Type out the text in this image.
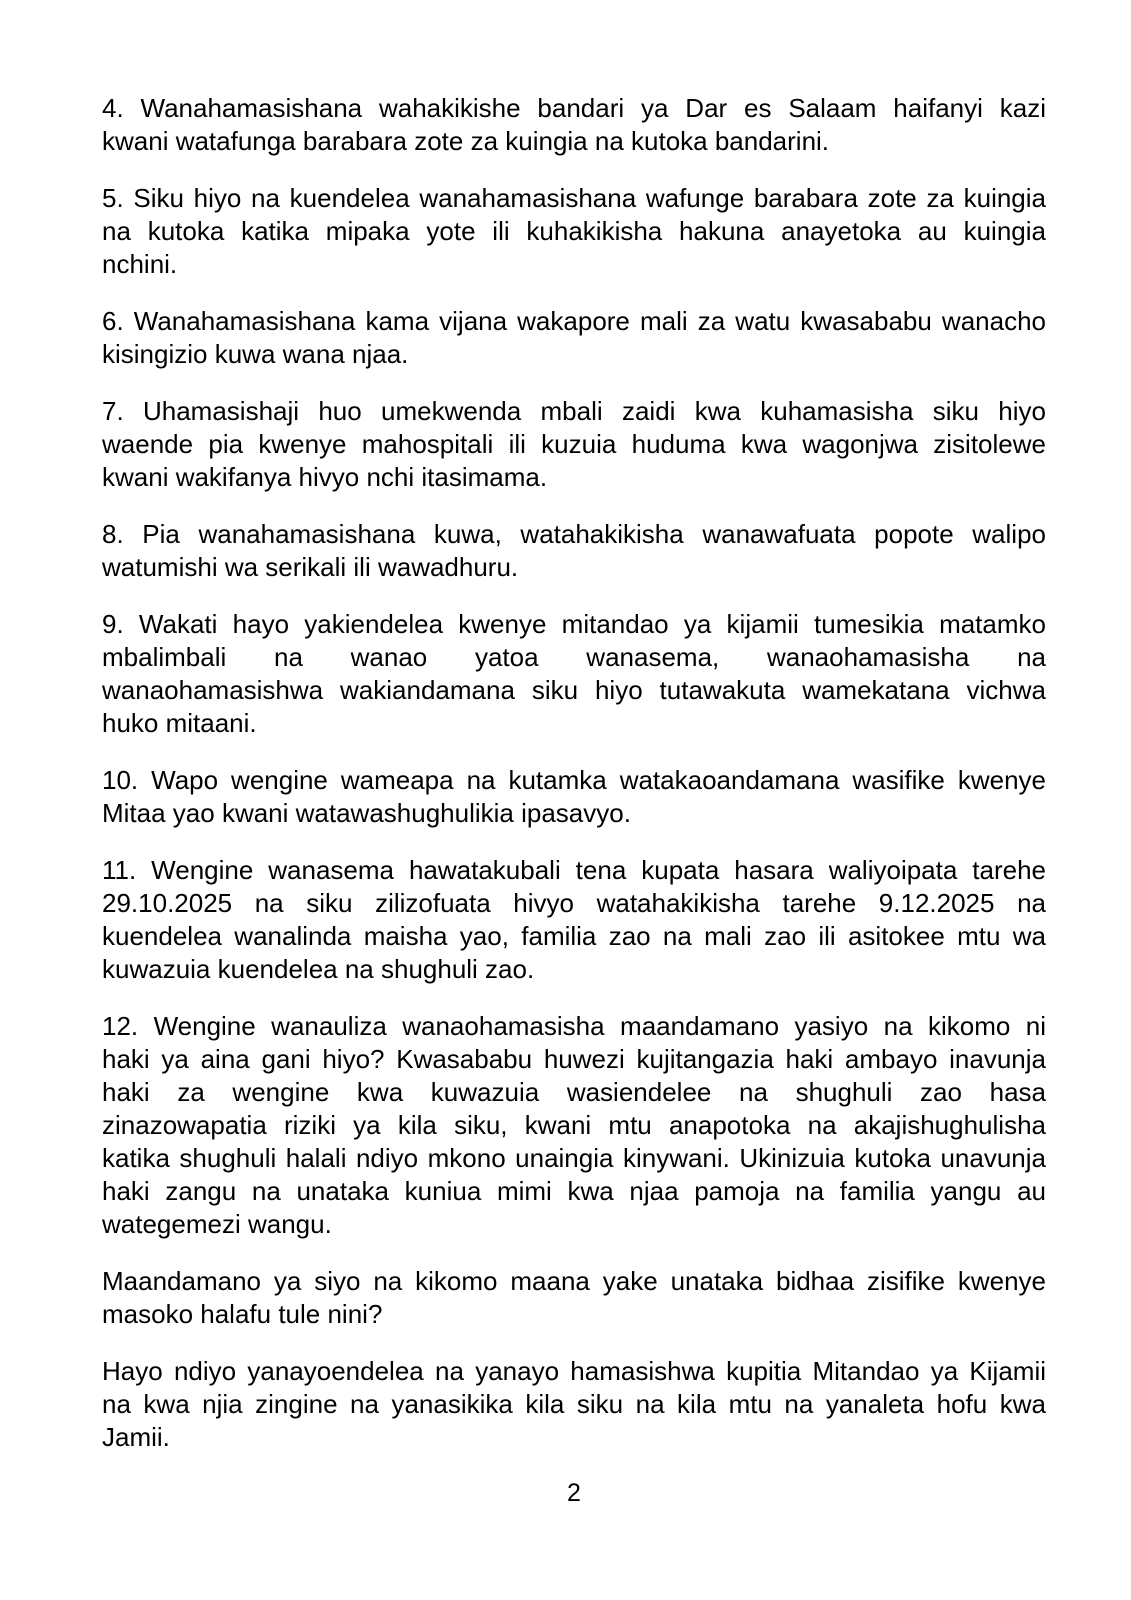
4. Wanahamasishana wahakikishe bandari ya Dar es Salaam haifanyi kazi
kwani watafunga barabara zote za kuingia na kutoka bandarini.

5. Siku hiyo na kuendelea wanahamasishana wafunge barabara zote za kuingia
na kutoka katika mipaka yote ili kuhakikisha hakuna anayetoka au kuingia
nchini.

6. Wanahamasishana kama vijana wakapore mali za watu kwasababu wanacho
kisingizio kuwa wana njaa.

7. Uhamasishaji huo umekwenda mbali zaidi kwa kuhamasisha siku hiyo
waende pia kwenye mahospitali ili kuzuia huduma kwa wagonjwa zisitolewe
kwani wakifanya hivyo nchi itasimama.

8. Pia wanahamasishana kuwa, watahakikisha wanawafuata popote walipo
watumishi wa serikali ili wawadhuru.

9. Wakati hayo yakiendelea kwenye mitandao ya kijamii tumesikia matamko
mbalimbali na wanao yatoa wanasema, wanaohamasisha na
wanaohamasishwa wakiandamana siku hiyo tutawakuta wamekatana vichwa
huko mitaani.

10. Wapo wengine wameapa na kutamka watakaoandamana wasifike kwenye
Mitaa yao kwani watawashughulikia ipasavyo.

11. Wengine wanasema hawatakubali tena kupata hasara waliyoipata tarehe
29.10.2025 na siku zilizofuata hivyo watahakikisha tarehe 9.12.2025 na
kuendelea wanalinda maisha yao, familia zao na mali zao ili asitokee mtu wa
kuwazuia kuendelea na shughuli zao.

12. Wengine wanauliza wanaohamasisha maandamano yasiyo na kikomo ni
haki ya aina gani hiyo? Kwasababu huwezi kujitangazia haki ambayo inavunja
haki za wengine kwa kuwazuia wasiendelee na shughuli zao hasa
zinazowapatia riziki ya kila siku, kwani mtu anapotoka na akajishughulisha
katika shughuli halali ndiyo mkono unaingia kinywani. Ukinizuia kutoka unavunja
haki zangu na unataka kuniua mimi kwa njaa pamoja na familia yangu au
wategemezi wangu.

Maandamano ya siyo na kikomo maana yake unataka bidhaa zisifike kwenye
masoko halafu tule nini?

Hayo ndiyo yanayoendelea na yanayo hamasishwa kupitia Mitandao ya Kijamii
na kwa njia zingine na yanasikika kila siku na kila mtu na yanaleta hofu kwa
Jamii.

2
